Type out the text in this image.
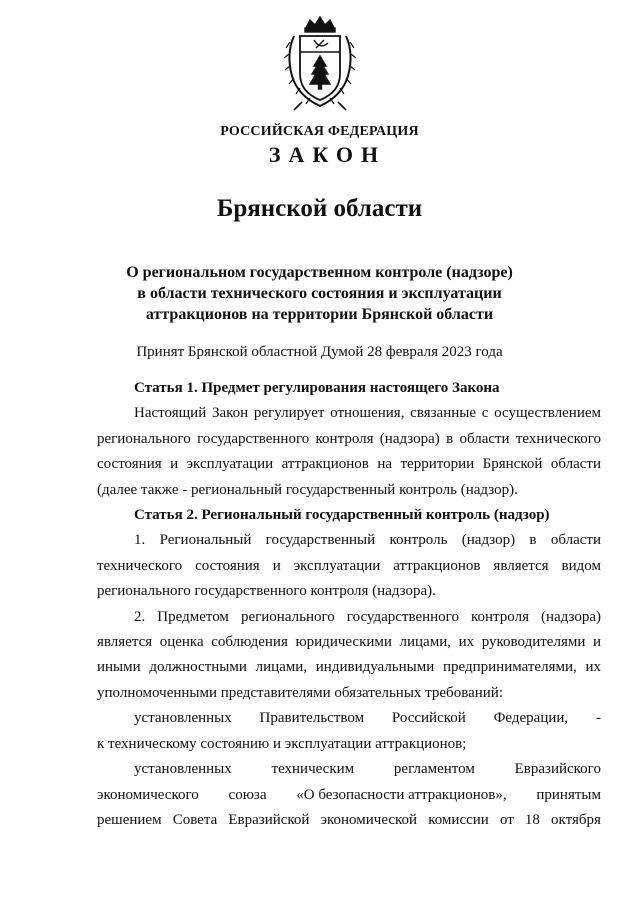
РОССИЙСКАЯ ФЕДЕРАЦИЯ
ЗАКОН
Брянской области
О региональном государственном контроле (надзоре)
в области технического состояния и эксплуатации
аттракционов на территории Брянской области
Принят Брянской областной Думой 28 февраля 2023 года

Статья 1. Предмет регулирования настоящего Закона

Настоящий Закон регулирует отношения, связанные с осуществлением регионального государственного контроля (надзора) в области технического состояния и эксплуатации аттракционов на территории Брянской области (далее также - региональный государственный контроль (надзор).

Статья 2. Региональный государственный контроль (надзор)

1. Региональный государственный контроль (надзор) в области технического состояния и эксплуатации аттракционов является видом регионального государственного контроля (надзора).

2. Предметом регионального государственного контроля (надзора) является оценка соблюдения юридическими лицами, их руководителями и иными должностными лицами, индивидуальными предпринимателями, их уполномоченными представителями обязательных требований:

установленных Правительством Российской Федерации, -
к техническому состоянию и эксплуатации аттракционов;
установленных	техническим	регламентом	Евразийского
экономического союза «О безопасности аттракционов», принятым
решением Совета Евразийской экономической комиссии от 18 октября
